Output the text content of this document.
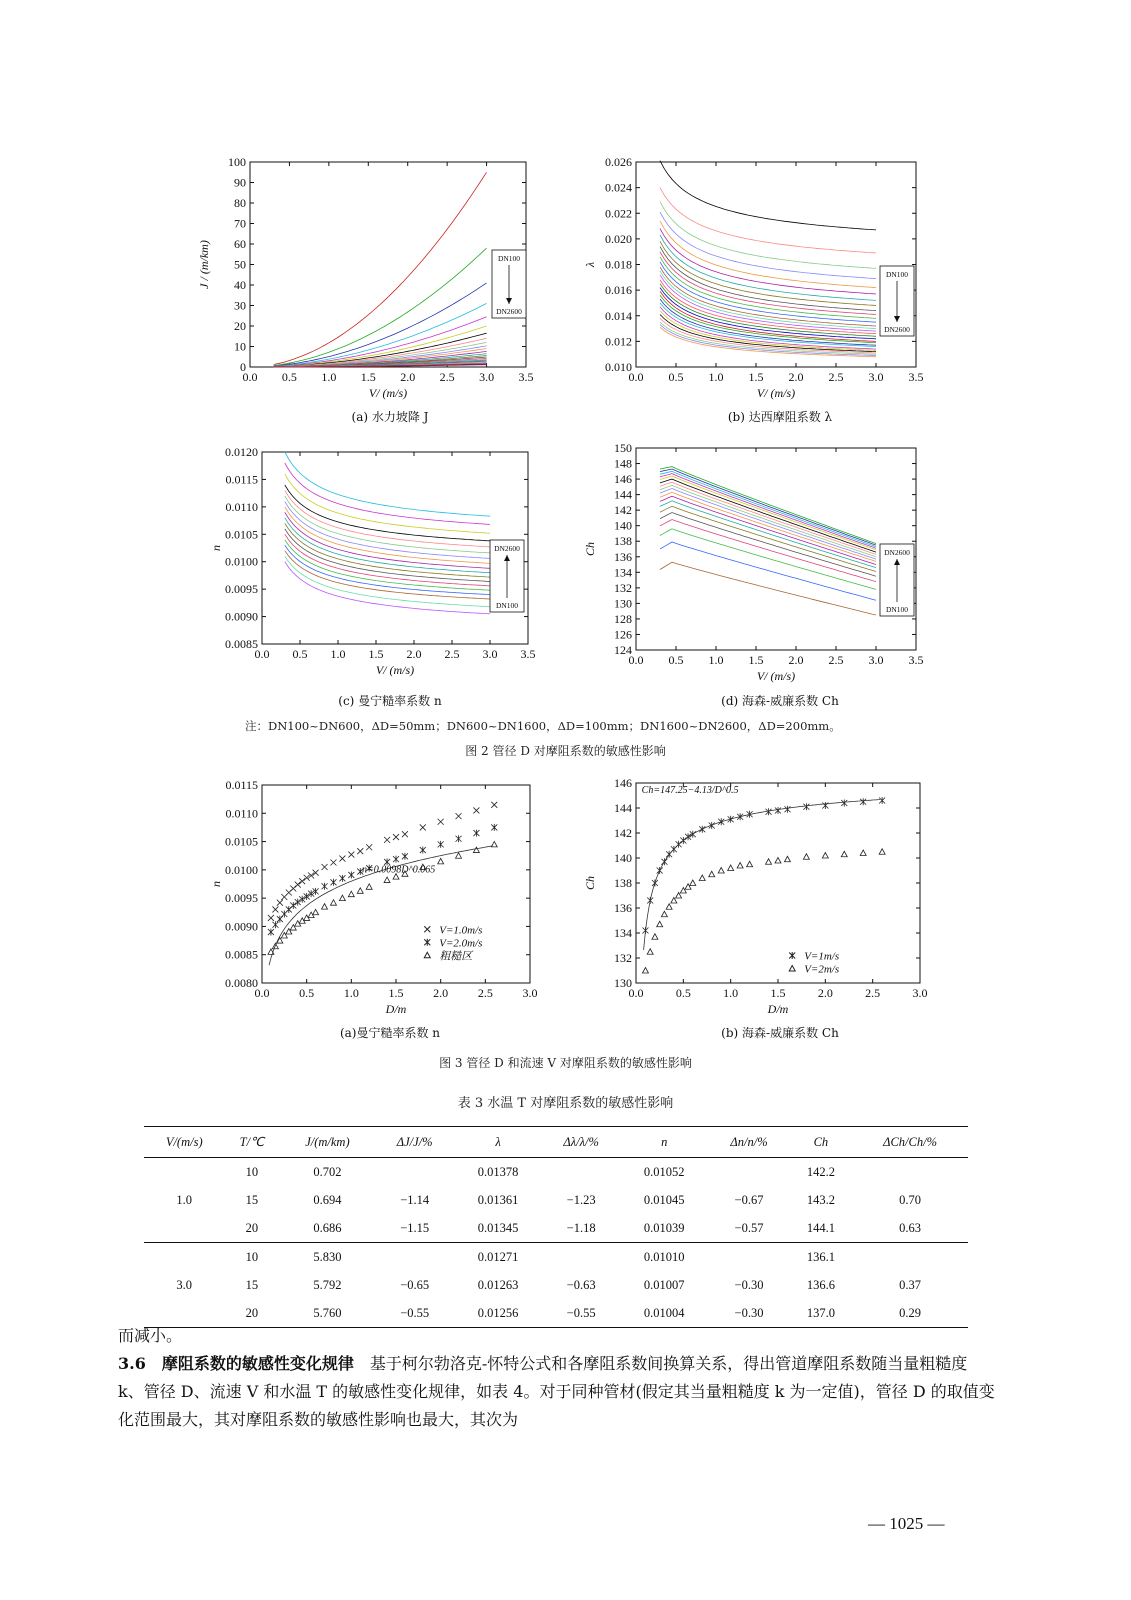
0.0 0.5 1.0 1.5 2.0 2.5 3.0 3.5
0
10
20
30
40
50
60
70
80
90
100
V/ (m/s)
J / (m/km)	DN100
DN2600
0.0 0.5 1.0 1.5 2.0 2.5 3.0 3.5
0.010
0.012
0.014
0.016
0.018
0.020
0.022
0.024
0.026
V/ (m/s)
λ
DN100
DN2600
(a) 水力坡降 J	(b) 达西摩阻系数 λ
0.0 0.5 1.0 1.5 2.0 2.5 3.0 3.5
0.0085
0.0090
0.0095
0.0100
0.0105
0.0110
0.0115
0.0120
V/ (m/s)
n	DN2600
DN100
0.0 0.5 1.0 1.5 2.0 2.5 3.0 3.5
124
126
128
130
132
134
136
138
140
142
144
146
148
150
V/ (m/s)
Ch	DN2600
DN100
(c) 曼宁糙率系数 n	(d) 海森-威廉系数 Ch
注：DN100~DN600，ΔD=50mm；DN600~DN1600，ΔD=100mm；DN1600~DN2600，ΔD=200mm。
图 2 管径 D 对摩阻系数的敏感性影响
0.0 0.5 1.0 1.5 2.0 2.5 3.0
0.0080
0.0085
0.0090
0.0095
0.0100
0.0105
0.0110
0.0115
D/m
n
n=0.0098D^0.065
V=1.0m/s
V=2.0m/s
粗糙区
0.0	0.5	1.0	1.5	2.0	2.5	3.0
130
132
134
136
138
140
142
144
146
D/m
Ch
Ch=147.25−4.13/D^0.5
V=1m/s
V=2m/s
(a)曼宁糙率系数 n	(b) 海森-威廉系数 Ch
图 3 管径 D 和流速 V 对摩阻系数的敏感性影响
表 3 水温 T 对摩阻系数的敏感性影响
V/(m/s)	T/℃	J/(m/km)	ΔJ/J/%	λ	Δλ/λ/%	n	Δn/n/%	Ch	ΔCh/Ch/%
1.0	10	0.702		0.01378		0.01052		142.2	
	15	0.694	−1.14	0.01361	−1.23	0.01045	−0.67	143.2	0.70
	20	0.686	−1.15	0.01345	−1.18	0.01039	−0.57	144.1	0.63
3.0	10	5.830		0.01271		0.01010		136.1	
	15	5.792	−0.65	0.01263	−0.63	0.01007	−0.30	136.6	0.37
	20	5.760	−0.55	0.01256	−0.55	0.01004	−0.30	137.0	0.29
而减小。
3.6　摩阻系数的敏感性变化规律　基于柯尔勃洛克-怀特公式和各摩阻系数间换算关系，得出管道摩阻系数随当量粗糙度 k、管径 D、流速 V 和水温 T 的敏感性变化规律，如表 4。对于同种管材(假定其当量粗糙度 k 为一定值)，管径 D 的取值变化范围最大，其对摩阻系数的敏感性影响也最大，其次为
— 1025 —
